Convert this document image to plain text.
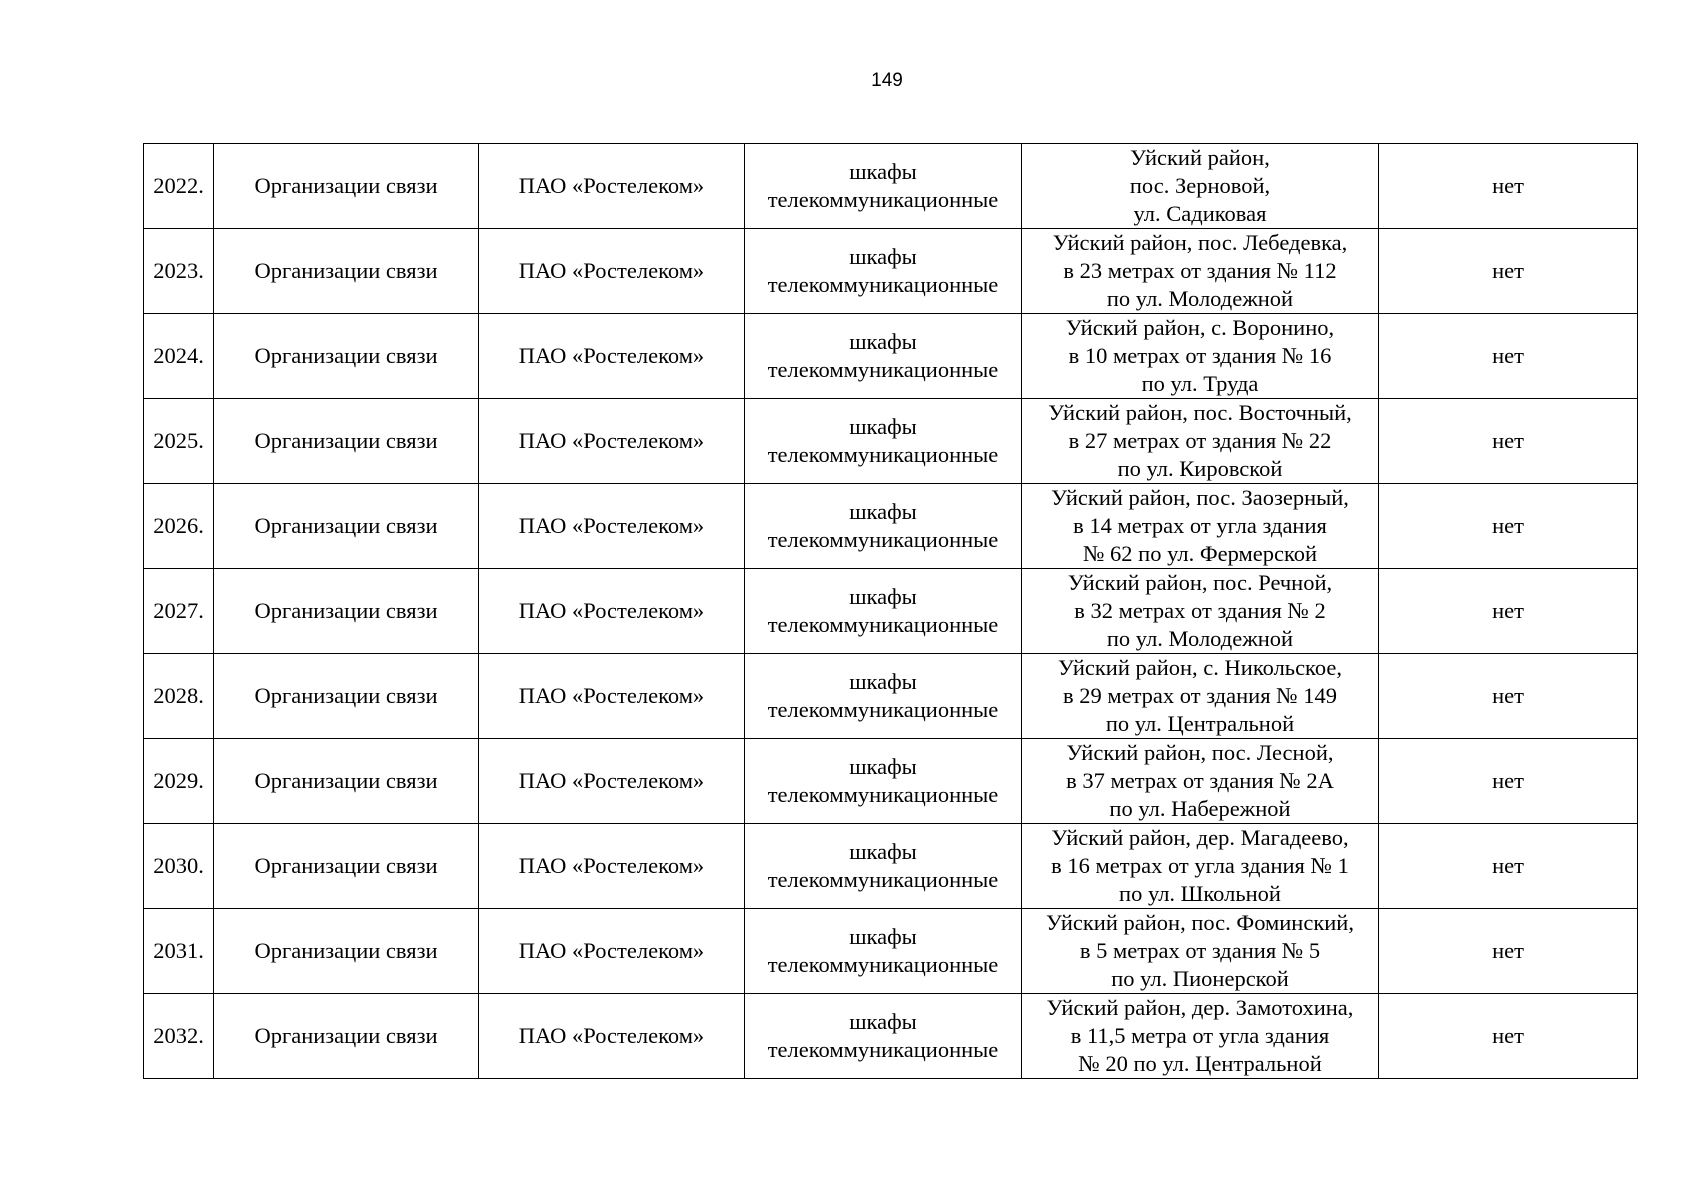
149
2022.	Организации связи	ПАО «Ростелеком»	шкафы
телекоммуникационные	Уйский район,
пос. Зерновой,
ул. Садиковая	нет

2023.	Организации связи	ПАО «Ростелеком»	шкафы
телекоммуникационные	Уйский район, пос. Лебедевка,
в 23 метрах от здания № 112
по ул. Молодежной	нет

2024.	Организации связи	ПАО «Ростелеком»	шкафы
телекоммуникационные	Уйский район, с. Воронино,
в 10 метрах от здания № 16
по ул. Труда	нет

2025.	Организации связи	ПАО «Ростелеком»	шкафы
телекоммуникационные	Уйский район, пос. Восточный,
в 27 метрах от здания № 22
по ул. Кировской	нет

2026.	Организации связи	ПАО «Ростелеком»	шкафы
телекоммуникационные	Уйский район, пос. Заозерный,
в 14 метрах от угла здания
№ 62 по ул. Фермерской	нет

2027.	Организации связи	ПАО «Ростелеком»	шкафы
телекоммуникационные	Уйский район, пос. Речной,
в 32 метрах от здания № 2
по ул. Молодежной	нет

2028.	Организации связи	ПАО «Ростелеком»	шкафы
телекоммуникационные	Уйский район, с. Никольское,
в 29 метрах от здания № 149
по ул. Центральной	нет

2029.	Организации связи	ПАО «Ростелеком»	шкафы
телекоммуникационные	Уйский район, пос. Лесной,
в 37 метрах от здания № 2А
по ул. Набережной	нет

2030.	Организации связи	ПАО «Ростелеком»	шкафы
телекоммуникационные	Уйский район, дер. Магадеево,
в 16 метрах от угла здания № 1
по ул. Школьной	нет

2031.	Организации связи	ПАО «Ростелеком»	шкафы
телекоммуникационные	Уйский район, пос. Фоминский,
в 5 метрах от здания № 5
по ул. Пионерской	нет

2032.	Организации связи	ПАО «Ростелеком»	шкафы
телекоммуникационные	Уйский район, дер. Замотохина,
в 11,5 метра от угла здания
№ 20 по ул. Центральной	нет
